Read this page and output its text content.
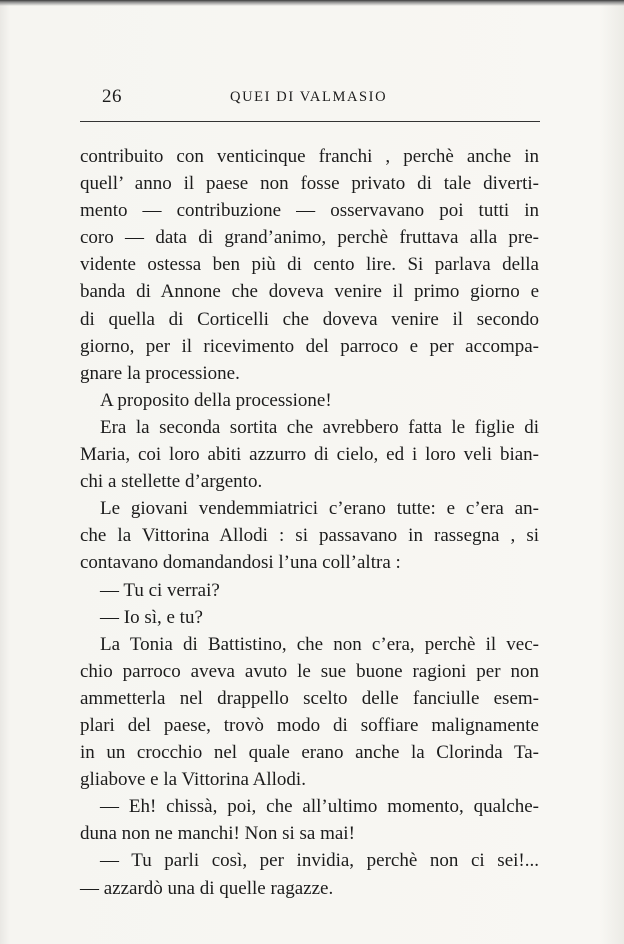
26	QUEI DI VALMASIO
contribuito con venticinque franchi , perchè anche in
quell’ anno il paese non fosse privato di tale diverti-
mento — contribuzione — osservavano poi tutti in
coro — data di grand’animo, perchè fruttava alla pre-
vidente ostessa ben più di cento lire. Si parlava della
banda di Annone che doveva venire il primo giorno e
di quella di Corticelli che doveva venire il secondo
giorno, per il ricevimento del parroco e per accompa-
gnare la processione.
A proposito della processione!
Era la seconda sortita che avrebbero fatta le figlie di
Maria, coi loro abiti azzurro di cielo, ed i loro veli bian-
chi a stellette d’argento.
Le giovani vendemmiatrici c’erano tutte: e c’era an-
che la Vittorina Allodi : si passavano in rassegna , si
contavano domandandosi l’una coll’altra :
— Tu ci verrai?
— Io sì, e tu?
La Tonia di Battistino, che non c’era, perchè il vec-
chio parroco aveva avuto le sue buone ragioni per non
ammetterla nel drappello scelto delle fanciulle esem-
plari del paese, trovò modo di soffiare malignamente
in un crocchio nel quale erano anche la Clorinda Ta-
gliabove e la Vittorina Allodi.
— Eh! chissà, poi, che all’ultimo momento, qualche-
duna non ne manchi! Non si sa mai!
— Tu parli così, per invidia, perchè non ci sei!...
— azzardò una di quelle ragazze.
